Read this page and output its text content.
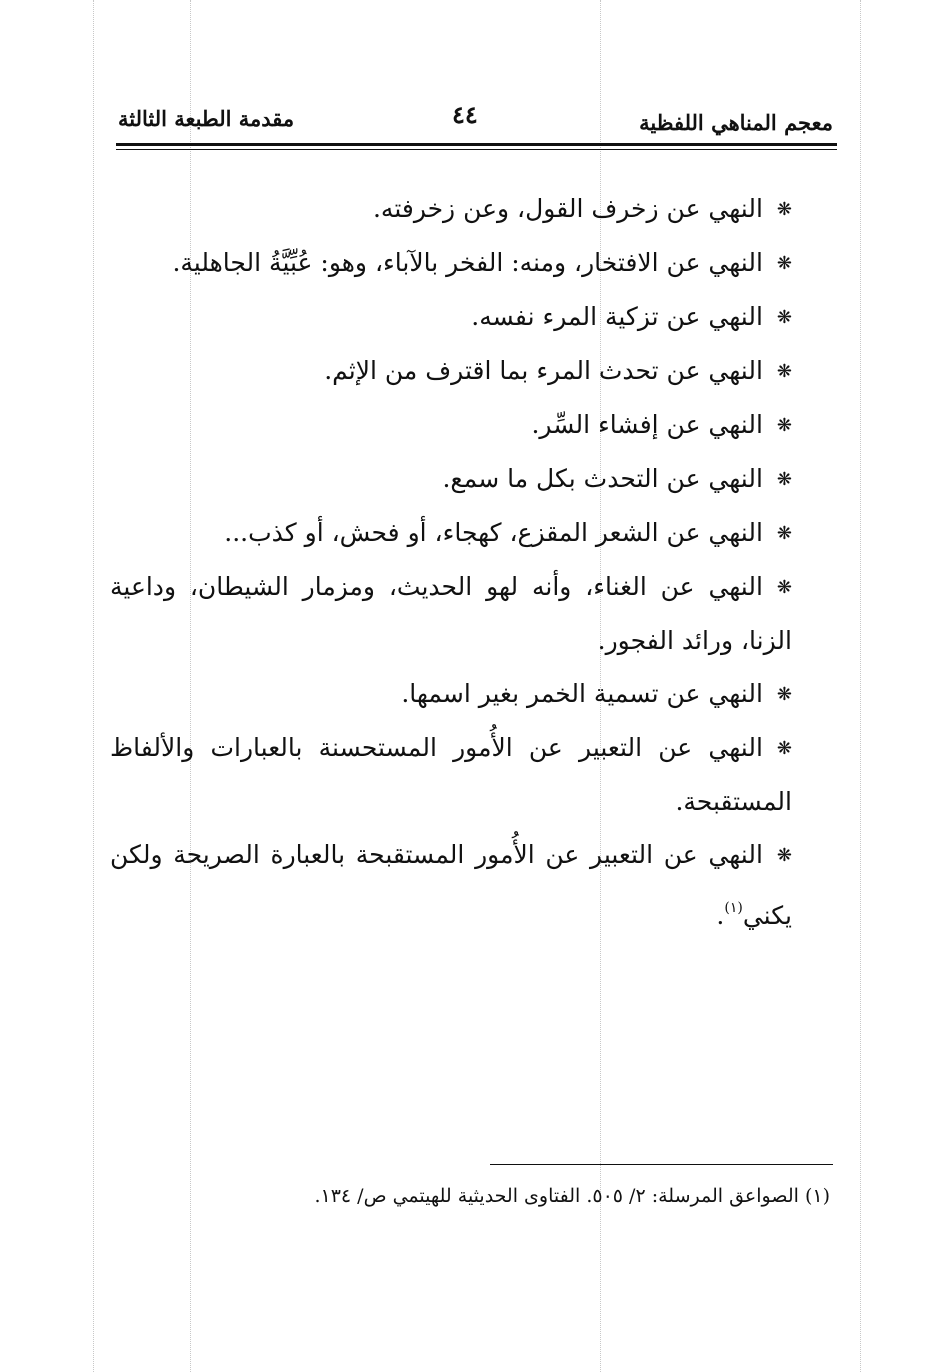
معجم المناهي اللفظية
٤٤
مقدمة الطبعة الثالثة

❋النهي عن زخرف القول، وعن زخرفته.

❋النهي عن الافتخار، ومنه: الفخر بالآباء، وهو: عُبِّيَّةُ الجاهلية.

❋النهي عن تزكية المرء نفسه.

❋النهي عن تحدث المرء بما اقترف من الإثم.

❋النهي عن إفشاء السِّر.

❋النهي عن التحدث بكل ما سمع.

❋النهي عن الشعر المقزع، كهجاء، أو فحش، أو كذب...

❋النهي عن الغناء، وأنه لهو الحديث، ومزمار الشيطان، وداعية الزنا، ورائد الفجور.

❋النهي عن تسمية الخمر بغير اسمها.

❋النهي عن التعبير عن الأُمور المستحسنة بالعبارات والألفاظ المستقبحة.

❋النهي عن التعبير عن الأُمور المستقبحة بالعبارة الصريحة ولكن يكني$^{(١)}$.

(١) الصواعق المرسلة: ٢/ ٥٠٥. الفتاوى الحديثية للهيتمي ص/ ١٣٤.
